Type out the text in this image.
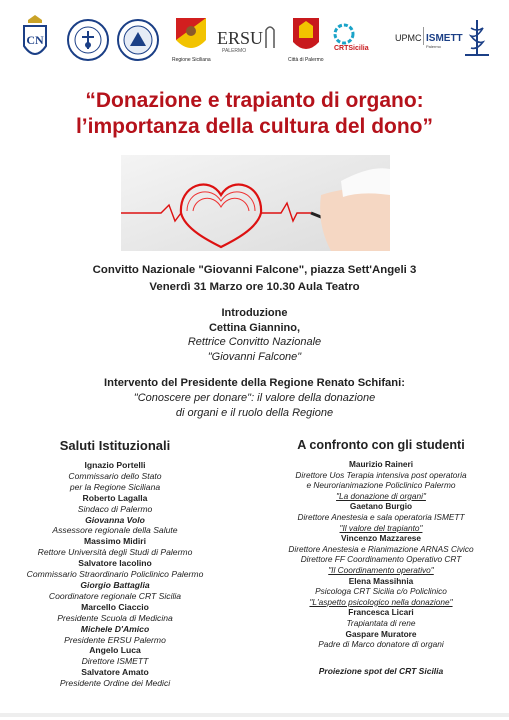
CN
Regione Siciliana
ERSU
PALERMO
Città di Palermo
CRTSicilia
UPMC ISMETT
Palermo
“Donazione e trapianto di organo:
l’importanza della cultura del dono”
Convitto Nazionale "Giovanni Falcone", piazza Sett'Angeli 3
Venerdì 31 Marzo ore 10.30 Aula Teatro
Introduzione
Cettina Giannino,
Rettrice Convitto Nazionale
"Giovanni Falcone"
Intervento del Presidente della Regione Renato Schifani:
"Conoscere per donare": il valore della donazione
di organi e il ruolo della Regione
Saluti Istituzionali
Ignazio Portelli
Commissario dello Stato
per la Regione Siciliana
Roberto Lagalla
Sindaco di Palermo
Giovanna Volo
Assessore regionale della Salute
Massimo Midiri
Rettore Università degli Studi di Palermo
Salvatore Iacolino
Commissario Straordinario Policlinico Palermo
Giorgio Battaglia
Coordinatore regionale CRT Sicilia
Marcello Ciaccio
Presidente Scuola di Medicina
Michele D'Amico
Presidente ERSU Palermo
Angelo Luca
Direttore ISMETT
Salvatore Amato
Presidente Ordine dei Medici
A confronto con gli studenti
Maurizio Raineri
Direttore Uos Terapia intensiva post operatoria
e Neurorianimazione Policlinico Palermo
"La donazione di organi"
Gaetano Burgio
Direttore Anestesia e sala operatoria ISMETT
"Il valore del trapianto"
Vincenzo Mazzarese
Direttore Anestesia e Rianimazione ARNAS Civico
Direttore FF Coordinamento Operativo CRT
"Il Coordinamento operativo"
Elena Massihnia
Psicologa CRT Sicilia c/o Policlinico
"L'aspetto psicologico nella donazione"
Francesca Licari
Trapiantata di rene
Gaspare Muratore
Padre di Marco donatore di organi
Proiezione spot del CRT Sicilia
